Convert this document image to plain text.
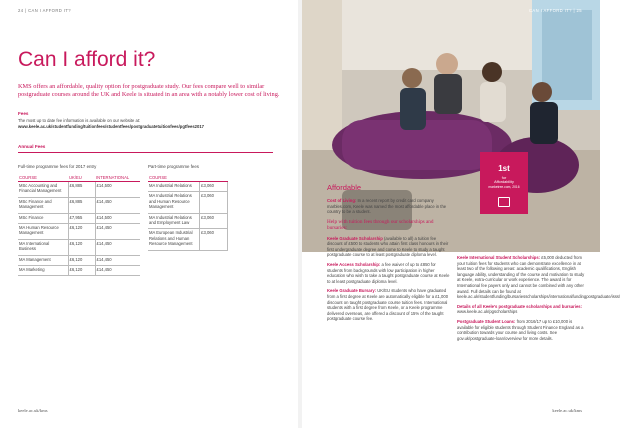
24 | CAN I AFFORD IT?
Can I afford it?

KMS offers an affordable, quality option for postgraduate study. Our fees compare well to similar postgraduate courses around the UK and Keele is situated in an area with a notably lower cost of living.

Fees
The most up to date fee information is available on our website at:
www.keele.ac.uk/studentfunding/tuitionfees/studentfees/postgraduatetuitionfees/pgtfees2017
Annual Fees
Full-time programme fees for 2017 entry
COURSE	UK/EU	INTERNATIONAL
MSc Accounting and Financial Management	£6,885	£14,500
MSc Finance and Management	£6,885	£14,450
MSc Finance	£7,955	£14,500
MA Human Resource Management	£6,120	£14,450
MA International Business	£6,120	£14,450
MA Management	£6,120	£14,450
MA Marketing	£6,120	£14,450
Part-time programme fees
COURSE	
MA Industrial Relations	£3,060
MA Industrial Relations and Human Resource Management	£3,060
MA Industrial Relations and Employment Law	£3,060
MA European Industrial Relations and Human Resource Management	£3,060
keele.ac.uk/kms
CAN I AFFORD IT? | 25
1st
for
Affordability
marketree.com, 2016
Affordable

Cost of Living: In a recent report by credit card company marbles.com, Keele was named the most affordable place in the country to be a student.

Help with tuition fees through our scholarships and bursaries:

Keele Graduate Scholarship (available to all) a tuition fee discount of £500 to students who attain first class honours in their first undergraduate degree and come to Keele to study a taught postgraduate course to at least postgraduate diploma level.

Keele Access Scholarship: a fee waiver of up to £850 for students from backgrounds with low participation in higher education who wish to take a taught postgraduate course at Keele to at least postgraduate diploma level.

Keele Graduate Bursary: UK/EU students who have graduated from a first degree at Keele are automatically eligible for a £1,000 discount on taught postgraduate course tuition fees. International students with a first degree from Keele, or a Keele programme delivered overseas, are offered a discount of 15% of the taught postgraduate course fee.

Keele International Student Scholarships: £5,000 deducted from your tuition fees for students who can demonstrate excellence in at least two of the following areas: academic qualifications, English language ability, understanding of the course and motivation to study at Keele, extra-curricular or work experience. The award is for International fee payers only and cannot be combined with any other award. Full details can be found at keele.ac.uk/studentfunding/bursariesscholarships/internationalfundingpostgraduate/isss/

Details of all Keele's postgraduate scholarships and bursaries: www.keele.ac.uk/pgscholarships

Postgraduate Student Loans: from 2016/17 up to £10,000 is available for eligible students through Student Finance England as a contribution towards your course and living costs. See gov.uk/postgraduate-loan/overview for more details.

keele.ac.uk/kms
